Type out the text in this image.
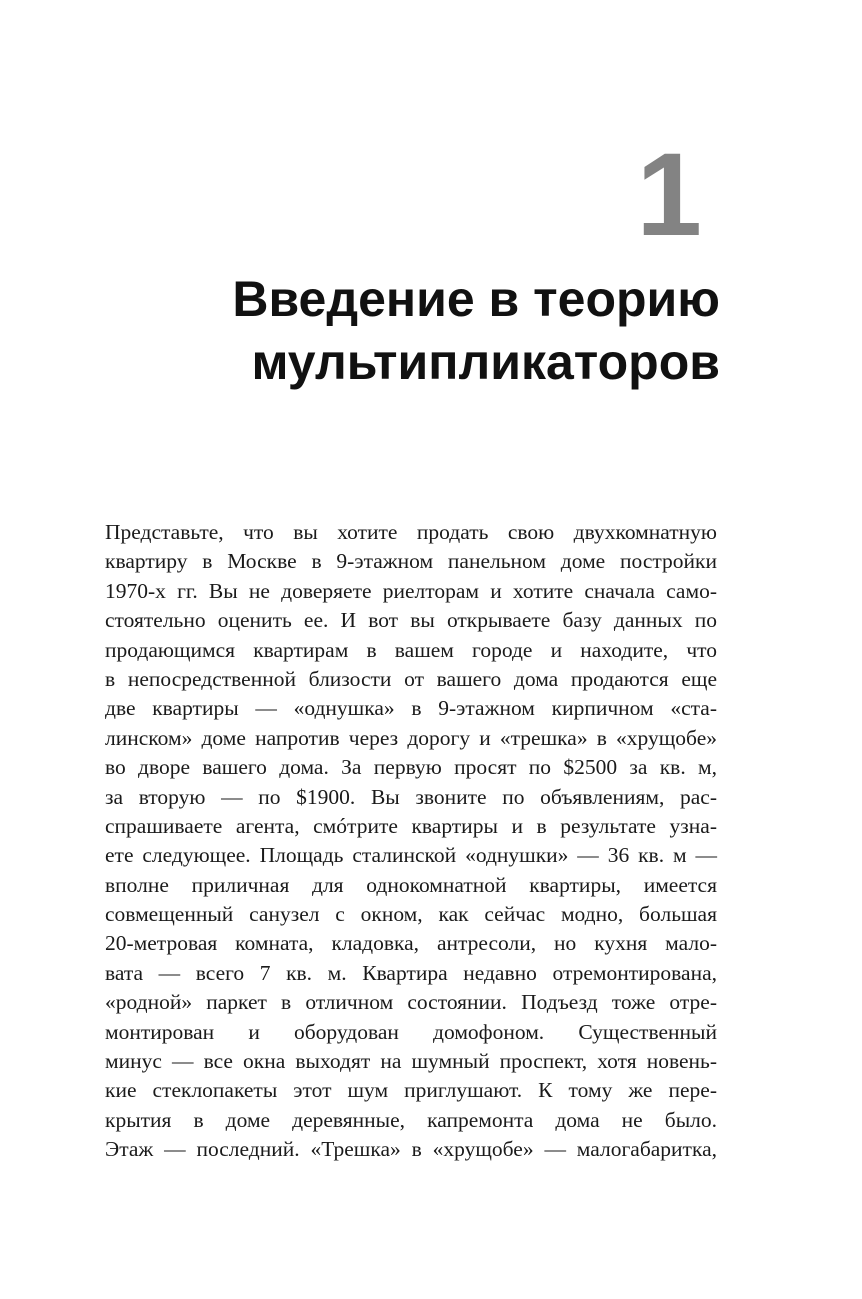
1
Введение в теорию
мультипликаторов
Представьте, что вы хотите продать свою двухкомнатную
квартиру в Москве в 9-этажном панельном доме постройки
1970-х гг. Вы не доверяете риелторам и хотите сначала само-
стоятельно оценить ее. И вот вы открываете базу данных по
продающимся квартирам в вашем городе и находите, что
в непосредственной близости от вашего дома продаются еще
две квартиры — «однушка» в 9-этажном кирпичном «ста-
линском» доме напротив через дорогу и «трешка» в «хрущобе»
во дворе вашего дома. За первую просят по $2500 за кв. м,
за вторую — по $1900. Вы звоните по объявлениям, рас-
спрашиваете агента, смóтрите квартиры и в результате узна-
ете следующее. Площадь сталинской «однушки» — 36 кв. м —
вполне приличная для однокомнатной квартиры, имеется
совмещенный санузел с окном, как сейчас модно, большая
20-метровая комната, кладовка, антресоли, но кухня мало-
вата — всего 7 кв. м. Квартира недавно отремонтирована,
«родной» паркет в отличном состоянии. Подъезд тоже отре-
монтирован и оборудован домофоном. Существенный
минус — все окна выходят на шумный проспект, хотя новень-
кие стеклопакеты этот шум приглушают. К тому же пере-
крытия в доме деревянные, капремонта дома не было.
Этаж — последний. «Трешка» в «хрущобе» — малогабаритка,
